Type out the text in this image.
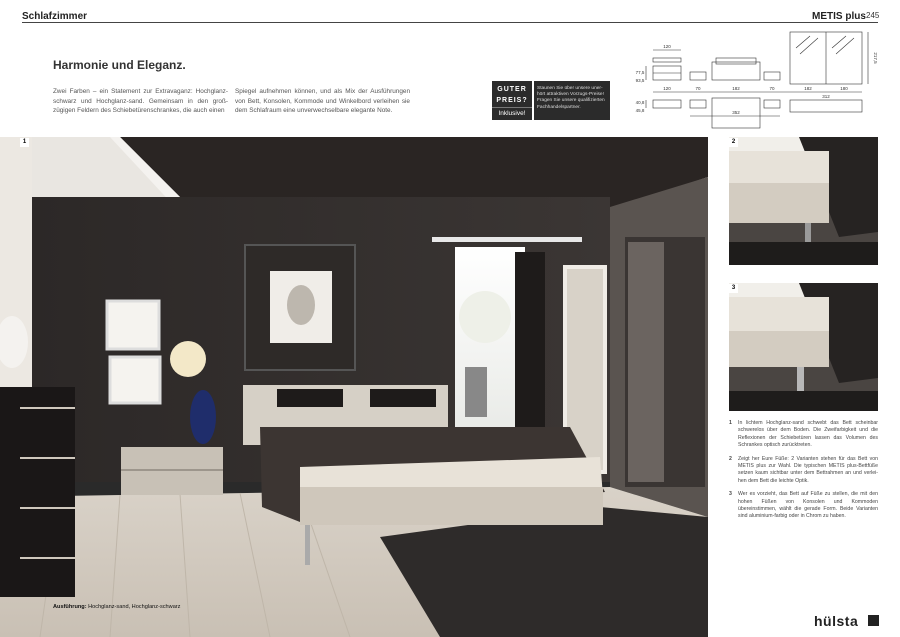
Schlafzimmer	METIS plus 245
Harmonie und Eleganz.
Zwei Farben – ein Statement zur Extravaganz: Hochglanz-schwarz und Hochglanz-sand. Gemeinsam in den groß-zügigen Feldern des Schiebetürenschrankes, die auch einen
Spiegel aufnehmen können, und als Mix der Ausführungen von Bett, Konsolen, Kommode und Winkelbord verleihen sie dem Schlafraum eine unverwechselbare elegante Note.
GUTER
PREIS?
Inklusive!
Staunen Sie über unsere uner-hört attraktiven Vorzugs-Preise! Fragen Sie unsere qualifizierten Fachhandelspartner.
120
120	70	182	70	182	180
312
352
77,5
93,5
40,8
45,8
217,5
1	2
3
1	In lichtem Hochglanz-sand schwebt das Bett scheinbar schwerelos über dem Boden. Die Zweifarbigkeit und die Reflexionen der Schiebetüren lassen das Volumen des Schrankes optisch zurücktreten.
2	Zeigt her Eure Füße: 2 Varianten stehen für das Bett von METIS plus zur Wahl. Die typischen METIS plus-Bettfüße setzen kaum sichtbar unter dem Bettrahmen an und verlei-hen dem Bett die leichte Optik.
3	Wer es vorzieht, das Bett auf Füße zu stellen, die mit den hohen Füßen von Konsolen und Kommoden übereinstimmen, wählt die gerade Form. Beide Varianten sind aluminium-farbig oder in Chrom zu haben.
Ausführung: Hochglanz-sand, Hochglanz-schwarz
hülsta
